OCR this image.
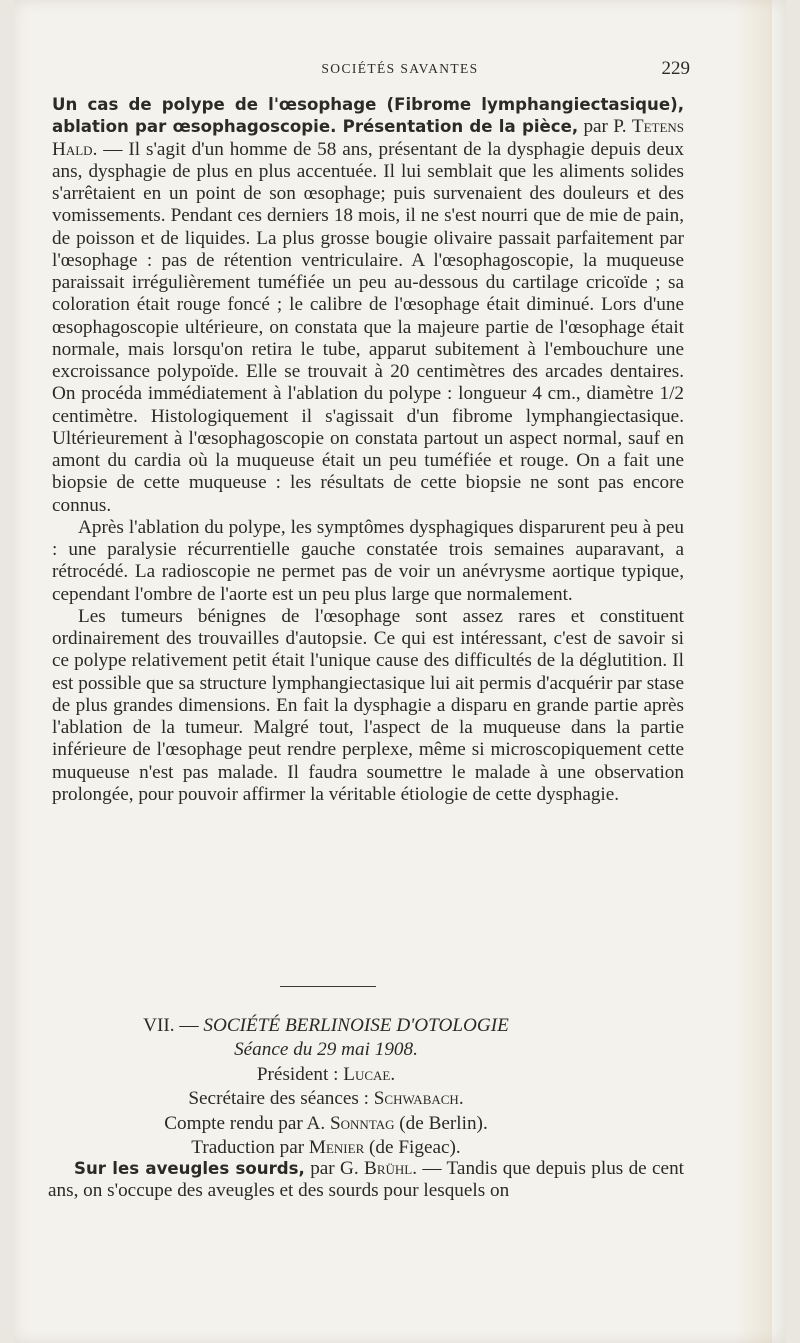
SOCIÉTÉS SAVANTES	229

Un cas de polype de l'œsophage (Fibrome lymphangiectasique), ablation par œsophagoscopie. Présentation de la pièce, par P. Tetens Hald. — Il s'agit d'un homme de 58 ans, présentant de la dysphagie depuis deux ans, dysphagie de plus en plus accentuée. Il lui semblait que les aliments solides s'arrêtaient en un point de son œsophage; puis survenaient des douleurs et des vomissements. Pendant ces derniers 18 mois, il ne s'est nourri que de mie de pain, de poisson et de liquides. La plus grosse bougie olivaire passait parfaitement par l'œsophage : pas de rétention ventriculaire. A l'œsophagoscopie, la muqueuse paraissait irrégulièrement tuméfiée un peu au-dessous du cartilage cricoïde ; sa coloration était rouge foncé ; le calibre de l'œsophage était diminué. Lors d'une œsophagoscopie ultérieure, on constata que la majeure partie de l'œsophage était normale, mais lorsqu'on retira le tube, apparut subitement à l'embouchure une excroissance polypoïde. Elle se trouvait à 20 centimètres des arcades dentaires. On procéda immédiatement à l'ablation du polype : longueur 4 cm., diamètre 1/2 centimètre. Histologiquement il s'agissait d'un fibrome lymphangiectasique. Ultérieurement à l'œsophagoscopie on constata partout un aspect normal, sauf en amont du cardia où la muqueuse était un peu tuméfiée et rouge. On a fait une biopsie de cette muqueuse : les résultats de cette biopsie ne sont pas encore connus.

Après l'ablation du polype, les symptômes dysphagiques disparurent peu à peu : une paralysie récurrentielle gauche constatée trois semaines auparavant, a rétrocédé. La radioscopie ne permet pas de voir un anévrysme aortique typique, cependant l'ombre de l'aorte est un peu plus large que normalement.

Les tumeurs bénignes de l'œsophage sont assez rares et constituent ordinairement des trouvailles d'autopsie. Ce qui est intéressant, c'est de savoir si ce polype relativement petit était l'unique cause des difficultés de la déglutition. Il est possible que sa structure lymphangiectasique lui ait permis d'acquérir par stase de plus grandes dimensions. En fait la dysphagie a disparu en grande partie après l'ablation de la tumeur. Malgré tout, l'aspect de la muqueuse dans la partie inférieure de l'œsophage peut rendre perplexe, même si microscopiquement cette muqueuse n'est pas malade. Il faudra soumettre le malade à une observation prolongée, pour pouvoir affirmer la véritable étiologie de cette dysphagie.

VII. — SOCIÉTÉ BERLINOISE D'OTOLOGIE
Séance du 29 mai 1908.
Président : Lucae.
Secrétaire des séances : Schwabach.
Compte rendu par A. Sonntag (de Berlin).
Traduction par Menier (de Figeac).

Sur les aveugles sourds, par G. Brühl. — Tandis que depuis plus de cent ans, on s'occupe des aveugles et des sourds pour lesquels on
